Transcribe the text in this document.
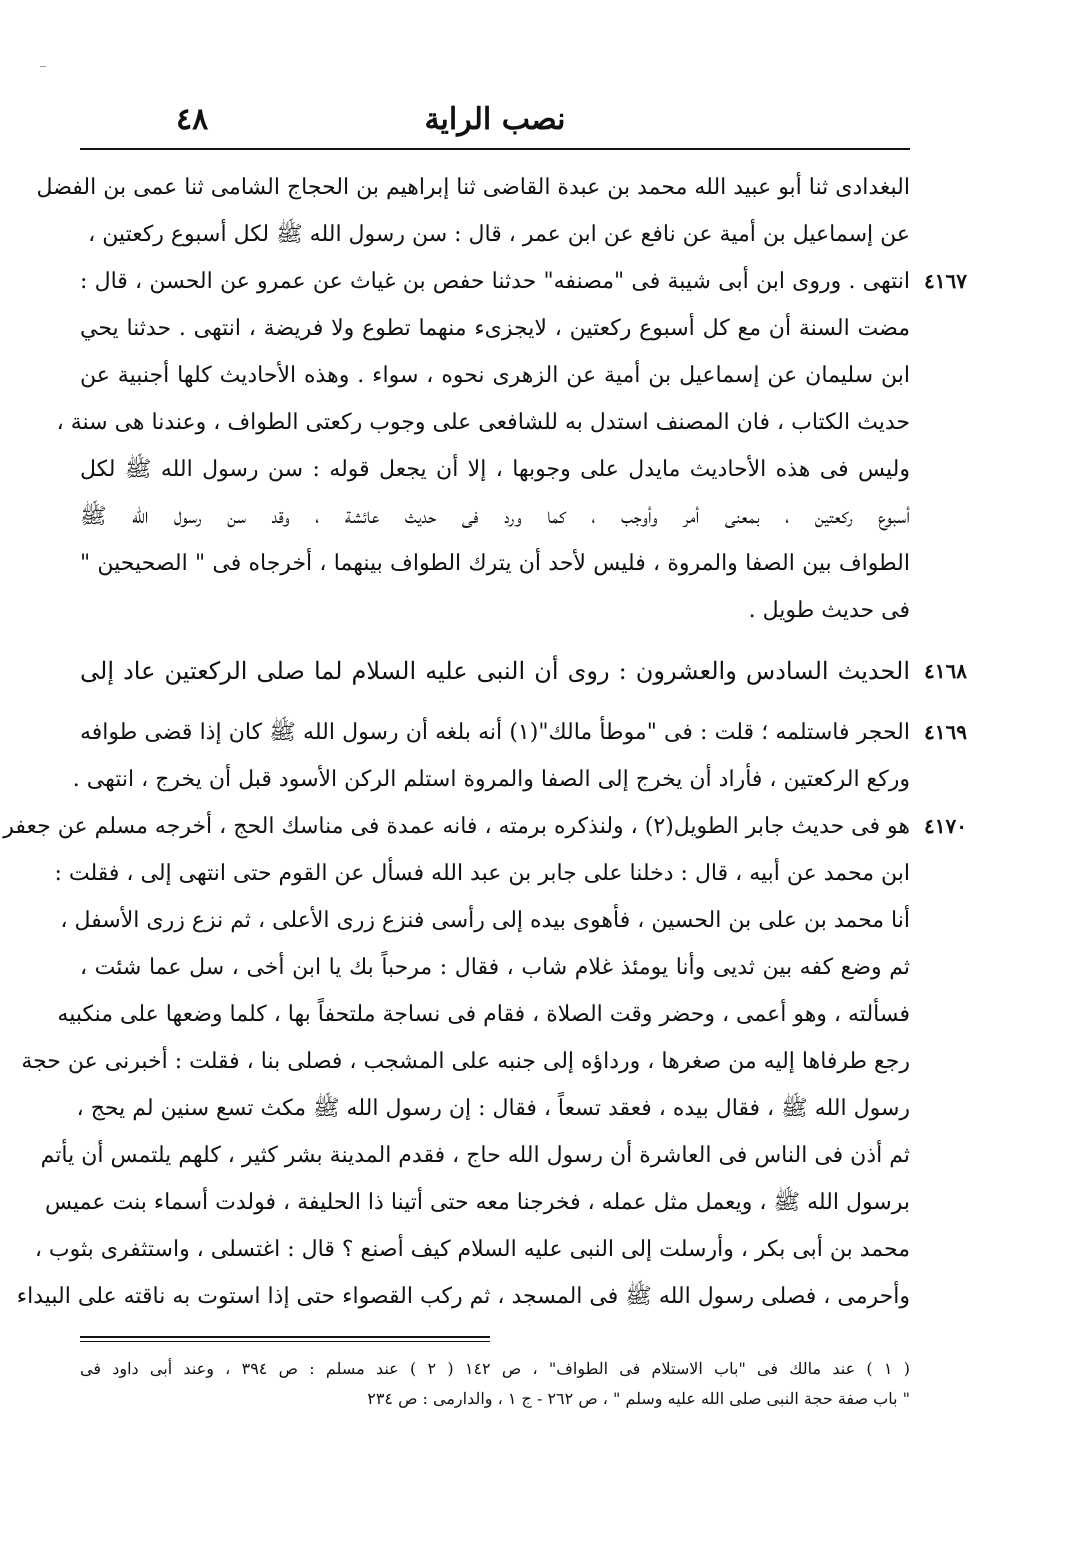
نصب الراية
٤٨
البغدادى ثنا أبو عبيد الله محمد بن عبدة القاضى ثنا إبراهيم بن الحجاج الشامى ثنا عمى بن الفضل
عن إسماعيل بن أمية عن نافع عن ابن عمر ، قال : سن رسول الله ﷺ لكل أسبوع ركعتين ،
٤١٦٧
انتهى . وروى ابن أبى شيبة فى "مصنفه" حدثنا حفص بن غياث عن عمرو عن الحسن ، قال :
مضت السنة أن مع كل أسبوع ركعتين ، لايجزىء منهما تطوع ولا فريضة ، انتهى . حدثنا يحي
ابن سليمان عن إسماعيل بن أمية عن الزهرى نحوه ، سواء . وهذه الأحاديث كلها أجنبية عن
حديث الكتاب ، فان المصنف استدل به للشافعى على وجوب ركعتى الطواف ، وعندنا هى سنة ،
وليس فى هذه الأحاديث مايدل على وجوبها ، إلا أن يجعل قوله : سن رسول الله ﷺ لكل
أسبوع ركعتين ، بمعنى أمر وأوجب ، كما ورد فى حديث عائشة ، وقد سن رسول الله ﷺ
الطواف بين الصفا والمروة ، فليس لأحد أن يترك الطواف بينهما ، أخرجاه فى " الصحيحين "
فى حديث طويل .
٤١٦٨
الحديث السادس والعشرون : روى أن النبى عليه السلام لما صلى الركعتين عاد إلى
٤١٦٩
الحجر فاستلمه ؛ قلت : فى "موطأ مالك"(١) أنه بلغه أن رسول الله ﷺ كان إذا قضى طوافه
وركع الركعتين ، فأراد أن يخرج إلى الصفا والمروة استلم الركن الأسود قبل أن يخرج ، انتهى .
٤١٧٠
هو فى حديث جابر الطويل(٢) ، ولنذكره برمته ، فانه عمدة فى مناسك الحج ، أخرجه مسلم عن جعفر
ابن محمد عن أبيه ، قال : دخلنا على جابر بن عبد الله فسأل عن القوم حتى انتهى إلى ، فقلت :
أنا محمد بن على بن الحسين ، فأهوى بيده إلى رأسى فنزع زرى الأعلى ، ثم نزع زرى الأسفل ،
ثم وضع كفه بين ثديى وأنا يومئذ غلام شاب ، فقال : مرحباً بك يا ابن أخى ، سل عما شئت ،
فسألته ، وهو أعمى ، وحضر وقت الصلاة ، فقام فى نساجة ملتحفاً بها ، كلما وضعها على منكبيه
رجع طرفاها إليه من صغرها ، ورداؤه إلى جنبه على المشجب ، فصلى بنا ، فقلت : أخبرنى عن حجة
رسول الله ﷺ ، فقال بيده ، فعقد تسعاً ، فقال : إن رسول الله ﷺ مكث تسع سنين لم يحج ،
ثم أذن فى الناس فى العاشرة أن رسول الله حاج ، فقدم المدينة بشر كثير ، كلهم يلتمس أن يأتم
برسول الله ﷺ ، ويعمل مثل عمله ، فخرجنا معه حتى أتينا ذا الحليفة ، فولدت أسماء بنت عميس
محمد بن أبى بكر ، وأرسلت إلى النبى عليه السلام كيف أصنع ؟ قال : اغتسلى ، واستثفرى بثوب ،
وأحرمى ، فصلى رسول الله ﷺ فى المسجد ، ثم ركب القصواء حتى إذا استوت به ناقته على البيداء
( ١ ) عند مالك فى "باب الاستلام فى الطواف" ، ص ١٤٢ ( ٢ ) عند مسلم : ص ٣٩٤ ، وعند أبى داود فى
" باب صفة حجة النبى صلى الله عليه وسلم " ، ص ٢٦٢ - ج ١ ، والدارمى : ص ٢٣٤
